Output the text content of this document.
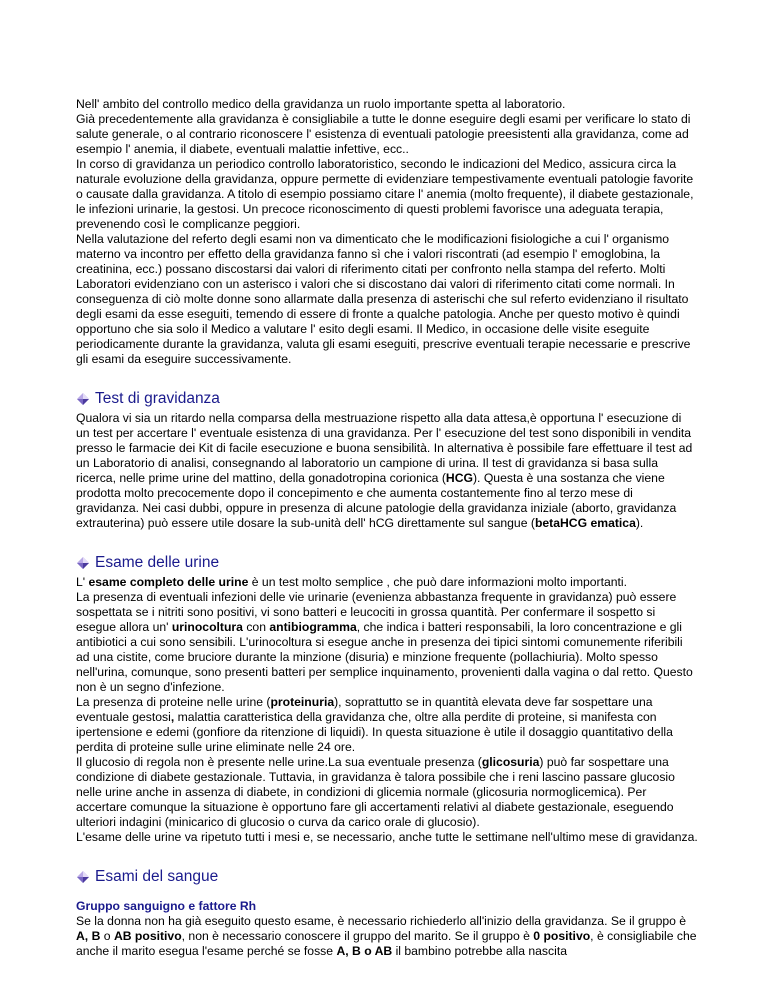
Nell' ambito del controllo medico della gravidanza un ruolo importante spetta al laboratorio.

Già precedentemente alla gravidanza è consigliabile a tutte le donne eseguire degli esami per verificare lo stato di salute generale, o al contrario riconoscere l' esistenza di eventuali patologie preesistenti alla gravidanza, come ad esempio l' anemia, il diabete, eventuali malattie infettive, ecc..

In corso di gravidanza un periodico controllo laboratoristico, secondo le indicazioni del Medico, assicura circa la naturale evoluzione della gravidanza, oppure permette di evidenziare tempestivamente eventuali patologie favorite o causate dalla gravidanza. A titolo di esempio possiamo citare l' anemia (molto frequente), il diabete gestazionale, le infezioni urinarie, la gestosi. Un precoce riconoscimento di questi problemi favorisce una adeguata terapia, prevenendo così le complicanze peggiori.

Nella valutazione del referto degli esami non va dimenticato che le modificazioni fisiologiche a cui l' organismo materno va incontro per effetto della gravidanza fanno sì che i valori riscontrati (ad esempio l' emoglobina, la creatinina, ecc.) possano discostarsi dai valori di riferimento citati per confronto nella stampa del referto. Molti Laboratori evidenziano con un asterisco i valori che si discostano dai valori di riferimento citati come normali. In conseguenza di ciò molte donne sono allarmate dalla presenza di asterischi che sul referto evidenziano il risultato degli esami da esse eseguiti, temendo di essere di fronte a qualche patologia. Anche per questo motivo è quindi opportuno che sia solo il Medico a valutare l' esito degli esami. Il Medico, in occasione delle visite eseguite periodicamente durante la gravidanza, valuta gli esami eseguiti, prescrive eventuali terapie necessarie e prescrive gli esami da eseguire successivamente.

Test di gravidanza

Qualora vi sia un ritardo nella comparsa della mestruazione rispetto alla data attesa,è opportuna l' esecuzione di un test per accertare l' eventuale esistenza di una gravidanza. Per l' esecuzione del test sono disponibili in vendita presso le farmacie dei Kit di facile esecuzione e buona sensibilità. In alternativa è possibile fare effettuare il test ad un Laboratorio di analisi, consegnando al laboratorio un campione di urina. Il test di gravidanza si basa sulla ricerca, nelle prime urine del mattino, della gonadotropina corionica (HCG). Questa è una sostanza che viene prodotta molto precocemente dopo il concepimento e che aumenta costantemente fino al terzo mese di gravidanza. Nei casi dubbi, oppure in presenza di alcune patologie della gravidanza iniziale (aborto, gravidanza extrauterina) può essere utile dosare la sub-unità dell' hCG direttamente sul sangue (betaHCG ematica).

Esame delle urine

L' esame completo delle urine è un test molto semplice , che può dare informazioni molto importanti.

La presenza di eventuali infezioni delle vie urinarie (evenienza abbastanza frequente in gravidanza) può essere sospettata se i nitriti sono positivi, vi sono batteri e leucociti in grossa quantità. Per confermare il sospetto si esegue allora un' urinocoltura con antibiogramma, che indica i batteri responsabili, la loro concentrazione e gli antibiotici a cui sono sensibili. L'urinocoltura si esegue anche in presenza dei tipici sintomi comunemente riferibili ad una cistite, come bruciore durante la minzione (disuria) e minzione frequente (pollachiuria). Molto spesso nell'urina, comunque, sono presenti batteri per semplice inquinamento, provenienti dalla vagina o dal retto. Questo non è un segno d'infezione.

La presenza di proteine nelle urine (proteinuria), soprattutto se in quantità elevata deve far sospettare una eventuale gestosi, malattia caratteristica della gravidanza che, oltre alla perdite di proteine, si manifesta con ipertensione e edemi (gonfiore da ritenzione di liquidi). In questa situazione è utile il dosaggio quantitativo della perdita di proteine sulle urine eliminate nelle 24 ore.

Il glucosio di regola non è presente nelle urine.La sua eventuale presenza (glicosuria) può far sospettare una condizione di diabete gestazionale. Tuttavia, in gravidanza è talora possibile che i reni lascino passare glucosio nelle urine anche in assenza di diabete, in condizioni di glicemia normale (glicosuria normoglicemica). Per accertare comunque la situazione è opportuno fare gli accertamenti relativi al diabete gestazionale, eseguendo ulteriori indagini (minicarico di glucosio o curva da carico orale di glucosio).

L'esame delle urine va ripetuto tutti i mesi e, se necessario, anche tutte le settimane nell'ultimo mese di gravidanza.

Esami del sangue

Gruppo sanguigno e fattore Rh

Se la donna non ha già eseguito questo esame, è necessario richiederlo all'inizio della gravidanza. Se il gruppo è A, B o AB positivo, non è necessario conoscere il gruppo del marito. Se il gruppo è 0 positivo, è consigliabile che anche il marito esegua l'esame perché se fosse A, B o AB il bambino potrebbe alla nascita
